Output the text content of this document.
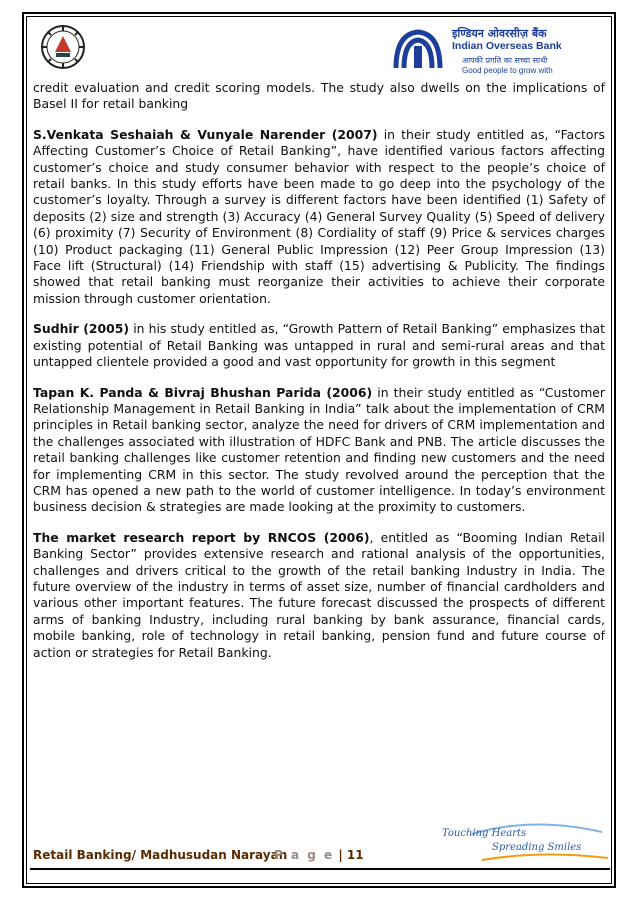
इण्डियन ओवरसीज़ बैंक
Indian Overseas Bank
आपकी प्रगति का सच्चा साथी
Good people to grow with

credit evaluation and credit scoring models. The study also dwells on the implications of Basel II for retail banking

S.Venkata Seshaiah & Vunyale Narender (2007) in their study entitled as, “Factors Affecting Customer’s Choice of Retail Banking”, have identified various factors affecting customer’s choice and study consumer behavior with respect to the people’s choice of retail banks. In this study efforts have been made to go deep into the psychology of the customer’s loyalty. Through a survey is different factors have been identified (1) Safety of deposits (2) size and strength (3) Accuracy (4) General Survey Quality (5) Speed of delivery (6) proximity (7) Security of Environment (8) Cordiality of staff (9) Price & services charges (10) Product packaging (11) General Public Impression (12) Peer Group Impression (13) Face lift (Structural) (14) Friendship with staff (15) advertising & Publicity. The findings showed that retail banking must reorganize their activities to achieve their corporate mission through customer orientation.

Sudhir (2005) in his study entitled as, “Growth Pattern of Retail Banking” emphasizes that existing potential of Retail Banking was untapped in rural and semi-rural areas and that untapped clientele provided a good and vast opportunity for growth in this segment

Tapan K. Panda & Bivraj Bhushan Parida (2006) in their study entitled as “Customer Relationship Management in Retail Banking in India” talk about the implementation of CRM principles in Retail banking sector, analyze the need for drivers of CRM implementation and the challenges associated with illustration of HDFC Bank and PNB. The article discusses the retail banking challenges like customer retention and finding new customers and the need for implementing CRM in this sector. The study revolved around the perception that the CRM has opened a new path to the world of customer intelligence. In today’s environment business decision & strategies are made looking at the proximity to customers.

The market research report by RNCOS (2006), entitled as “Booming Indian Retail Banking Sector” provides extensive research and rational analysis of the opportunities, challenges and drivers critical to the growth of the retail banking Industry in India. The future overview of the industry in terms of asset size, number of financial cardholders and various other important features. The future forecast discussed the prospects of different arms of banking Industry, including rural banking by bank assurance, financial cards, mobile banking, role of technology in retail banking, pension fund and future course of action or strategies for Retail Banking.

Touching Hearts
Spreading Smiles
Retail Banking/ Madhusudan Narayan
P a g e | 11
